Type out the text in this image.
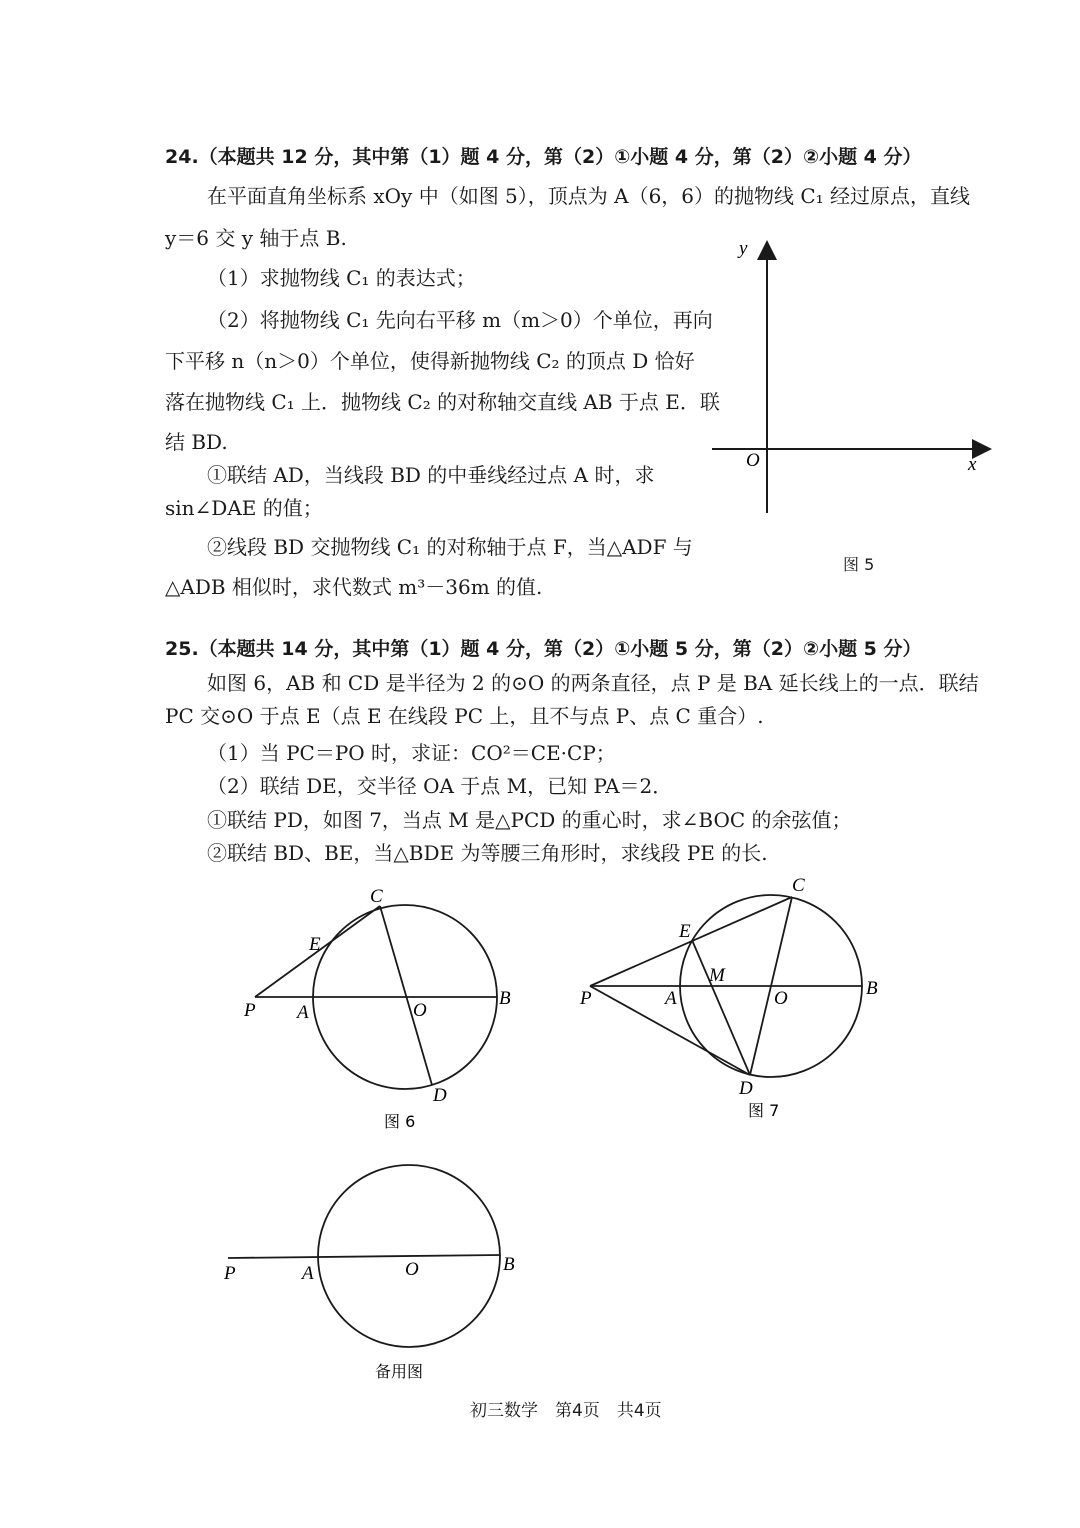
24.（本题共 12 分，其中第（1）题 4 分，第（2）①小题 4 分，第（2）②小题 4 分）
在平面直角坐标系 xOy 中（如图 5），顶点为 A（6，6）的抛物线 C₁ 经过原点，直线
y＝6 交 y 轴于点 B.
（1）求抛物线 C₁ 的表达式；
（2）将抛物线 C₁ 先向右平移 m（m＞0）个单位，再向
下平移 n（n＞0）个单位，使得新抛物线 C₂ 的顶点 D 恰好
落在抛物线 C₁ 上．抛物线 C₂ 的对称轴交直线 AB 于点 E．联
结 BD.
①联结 AD，当线段 BD 的中垂线经过点 A 时，求
sin∠DAE 的值；
②线段 BD 交抛物线 C₁ 的对称轴于点 F，当△ADF 与
△ADB 相似时，求代数式 m³－36m 的值.
25.（本题共 14 分，其中第（1）题 4 分，第（2）①小题 5 分，第（2）②小题 5 分）
如图 6，AB 和 CD 是半径为 2 的⊙O 的两条直径，点 P 是 BA 延长线上的一点．联结
PC 交⊙O 于点 E（点 E 在线段 PC 上，且不与点 P、点 C 重合）.
（1）当 PC＝PO 时，求证：CO²＝CE·CP；
（2）联结 DE，交半径 OA 于点 M，已知 PA＝2．
①联结 PD，如图 7，当点 M 是△PCD 的重心时，求∠BOC 的余弦值；
②联结 BD、BE，当△BDE 为等腰三角形时，求线段 PE 的长.
y
x
O
P A	O
B
C
D
E
图 6
P	A	O	B
C
D
E
M
图 7
P	A	O	B
备用图
图 5
初三数学　第4页　共4页
